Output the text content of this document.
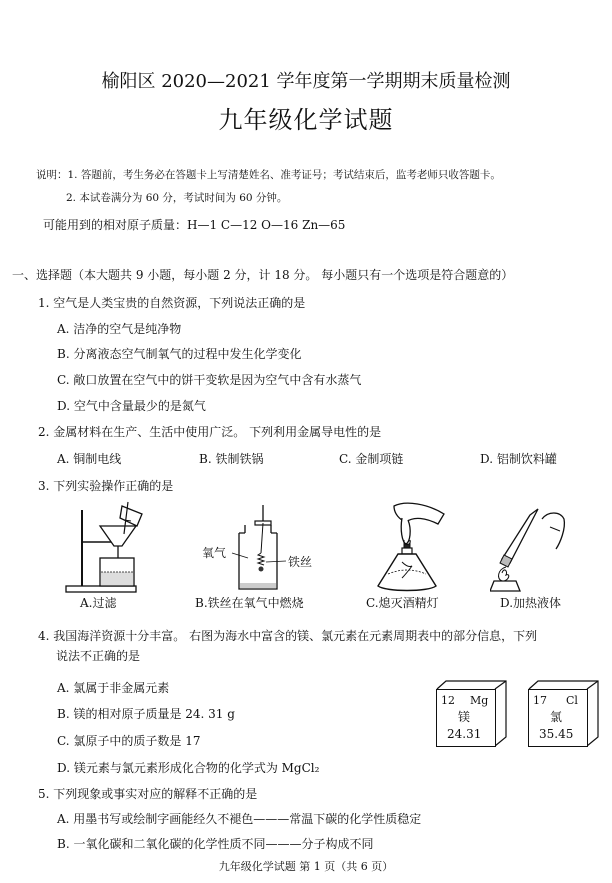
榆阳区 2020—2021 学年度第一学期期末质量检测
九年级化学试题
说明：1. 答题前，考生务必在答题卡上写清楚姓名、准考证号；考试结束后，监考老师只收答题卡。
2. 本试卷满分为 60 分，考试时间为 60 分钟。
可能用到的相对原子质量：H—1 C—12 O—16 Zn—65
一、选择题（本大题共 9 小题，每小题 2 分，计 18 分。 每小题只有一个选项是符合题意的）
1. 空气是人类宝贵的自然资源，下列说法正确的是
A. 洁净的空气是纯净物
B. 分离液态空气制氧气的过程中发生化学变化
C. 敞口放置在空气中的饼干变软是因为空气中含有水蒸气
D. 空气中含量最少的是氮气
2. 金属材料在生产、生活中使用广泛。 下列利用金属导电性的是
A. 铜制电线	B. 铁制铁锅	C. 金制项链	D. 铝制饮料罐
3. 下列实验操作正确的是
A.过滤
氧气
铁丝
B.铁丝在氧气中燃烧	C.熄灭酒精灯	D.加热液体
4. 我国海洋资源十分丰富。 右图为海水中富含的镁、氯元素在元素周期表中的部分信息，下列
说法不正确的是
A. 氯属于非金属元素
B. 镁的相对原子质量是 24. 31 g
C. 氯原子中的质子数是 17
D. 镁元素与氯元素形成化合物的化学式为 MgCl₂
12 Mg
镁
24.31
17 Cl
氯
35.45
5. 下列现象或事实对应的解释不正确的是
A. 用墨书写或绘制字画能经久不褪色———常温下碳的化学性质稳定
B. 一氧化碳和二氧化碳的化学性质不同———分子构成不同
九年级化学试题 第 1 页（共 6 页）
